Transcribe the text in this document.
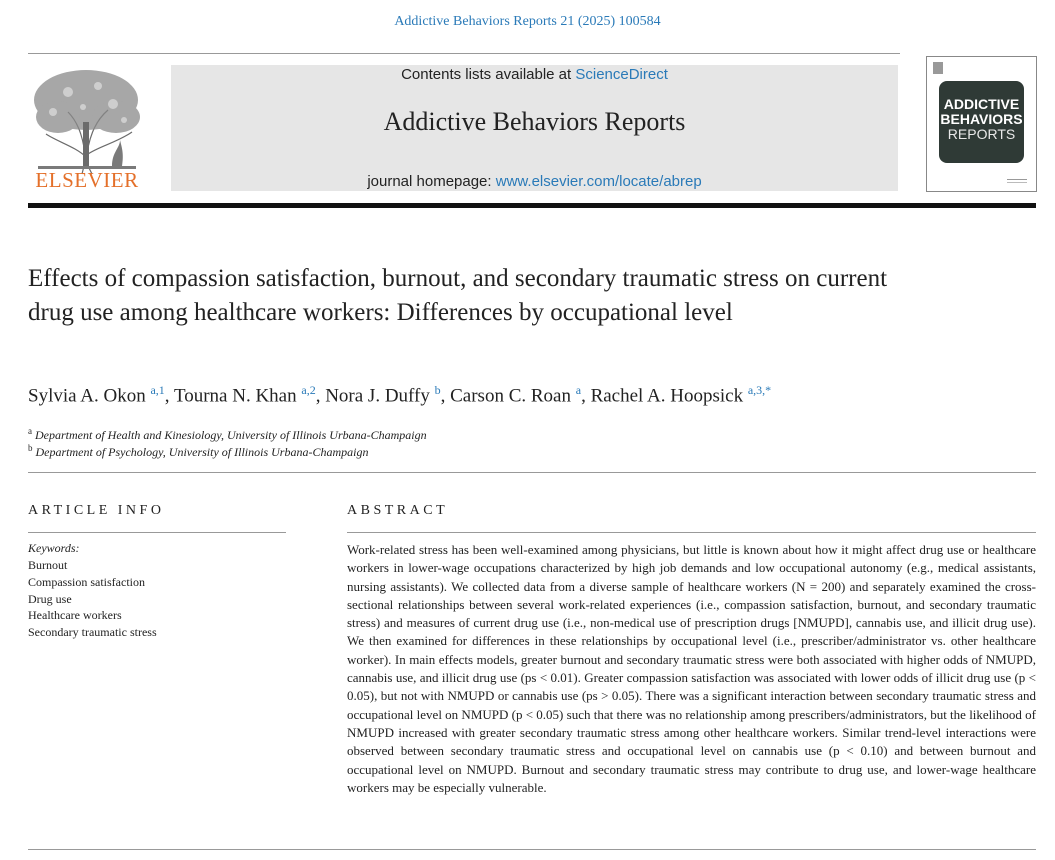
Addictive Behaviors Reports 21 (2025) 100584
ELSEVIER
Contents lists available at ScienceDirect
Addictive Behaviors Reports
journal homepage: www.elsevier.com/locate/abrep
ADDICTIVE
BEHAVIORS
REPORTS
Effects of compassion satisfaction, burnout, and secondary traumatic stress on current drug use among healthcare workers: Differences by occupational level
Sylvia A. Okon $^{a,1}$, Tourna N. Khan $^{a,2}$, Nora J. Duffy $^b$, Carson C. Roan $^a$, Rachel A. Hoopsick $^{a,3,*}$
$^a$ Department of Health and Kinesiology, University of Illinois Urbana-Champaign
$^b$ Department of Psychology, University of Illinois Urbana-Champaign
ARTICLE INFO	ABSTRACT
Keywords:
Burnout
Compassion satisfaction
Drug use
Healthcare workers
Secondary traumatic stress

Work-related stress has been well-examined among physicians, but little is known about how it might affect drug use or healthcare workers in lower-wage occupations characterized by high job demands and low occupational autonomy (e.g., medical assistants, nursing assistants). We collected data from a diverse sample of healthcare workers (N = 200) and separately examined the cross-sectional relationships between several work-related experiences (i.e., compassion satisfaction, burnout, and secondary traumatic stress) and measures of current drug use (i.e., non-medical use of prescription drugs [NMUPD], cannabis use, and illicit drug use). We then examined for differences in these relationships by occupational level (i.e., prescriber/administrator vs. other healthcare worker). In main effects models, greater burnout and secondary traumatic stress were both associated with higher odds of NMUPD, cannabis use, and illicit drug use (ps < 0.01). Greater compassion satisfaction was associated with lower odds of illicit drug use (p < 0.05), but not with NMUPD or cannabis use (ps > 0.05). There was a significant interaction between secondary traumatic stress and occupational level on NMUPD (p < 0.05) such that there was no relationship among prescribers/administrators, but the likelihood of NMUPD increased with greater secondary traumatic stress among other healthcare workers. Similar trend-level interactions were observed between secondary traumatic stress and occupational level on cannabis use (p < 0.10) and between burnout and occupational level on NMUPD. Burnout and secondary traumatic stress may contribute to drug use, and lower-wage healthcare workers may be especially vulnerable.
